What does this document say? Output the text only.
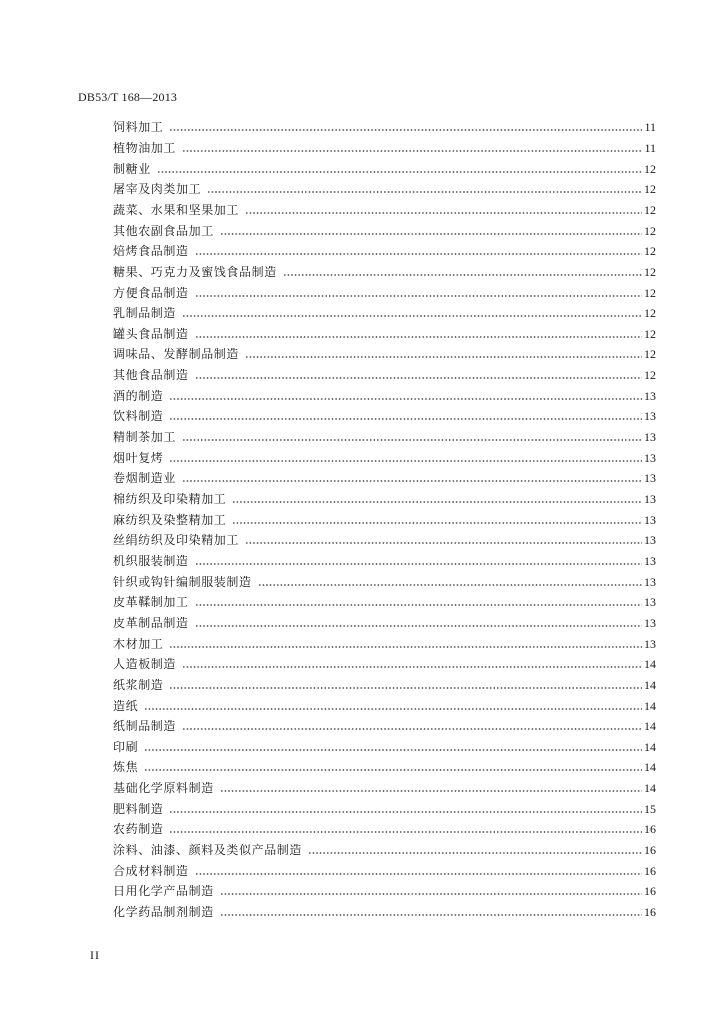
DB53/T 168—2013
饲料加工	11
植物油加工	11
制糖业	12
屠宰及肉类加工	12
蔬菜、水果和坚果加工	12
其他农副食品加工	12
焙烤食品制造	12
糖果、巧克力及蜜饯食品制造	12
方便食品制造	12
乳制品制造	12
罐头食品制造	12
调味品、发酵制品制造	12
其他食品制造	12
酒的制造	13
饮料制造	13
精制茶加工	13
烟叶复烤	13
卷烟制造业	13
棉纺织及印染精加工	13
麻纺织及染整精加工	13
丝绢纺织及印染精加工	13
机织服装制造	13
针织或钩针编制服装制造	13
皮革鞣制加工	13
皮革制品制造	13
木材加工	13
人造板制造	14
纸浆制造	14
造纸	14
纸制品制造	14
印刷	14
炼焦	14
基础化学原料制造	14
肥料制造	15
农药制造	16
涂料、油漆、颜料及类似产品制造	16
合成材料制造	16
日用化学产品制造	16
化学药品制剂制造	16
II
